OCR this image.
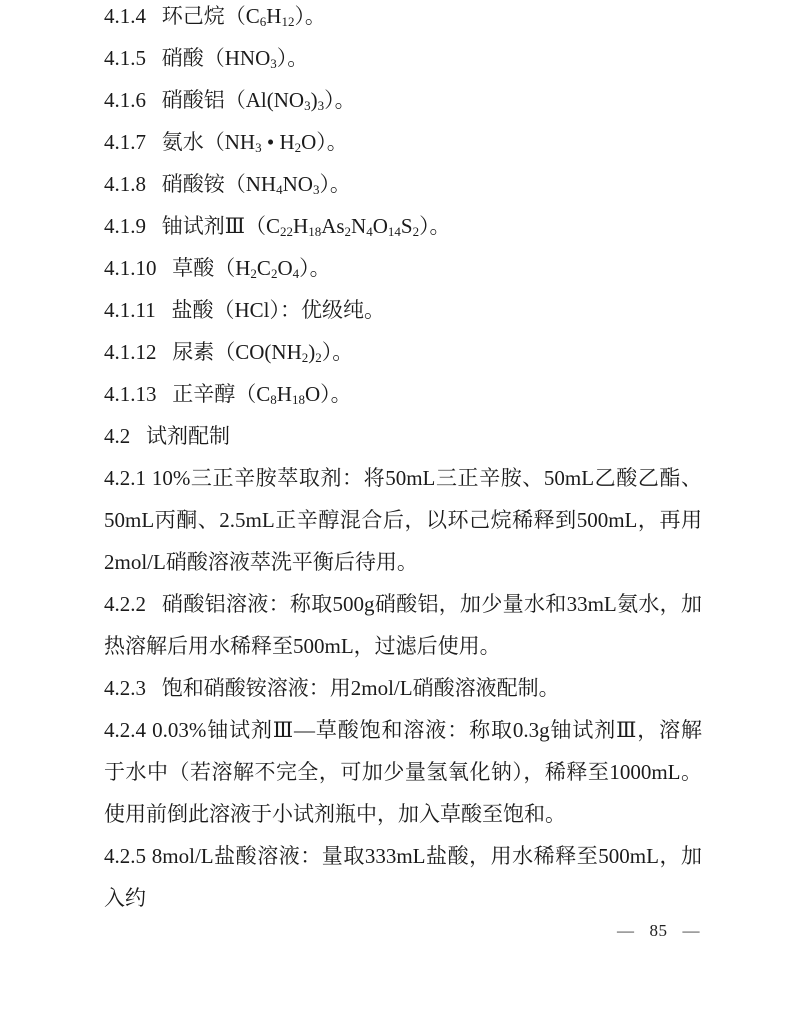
4.1.4  环己烷$(C_6H_{12})$。

4.1.5  硝酸$(HNO_3)$。

4.1.6  硝酸铝$(Al(NO_3)_3)$。

4.1.7  氨水（$NH_3$ • $H_2O$）。

4.1.8  硝酸铵$(NH_4NO_3)$。

4.1.9  铀试剂$Ⅲ(C_{22}H_{18}As_2N_4O_{14}S_2)$。

4.1.10  草酸$(H_2C_2O_4)$。

4.1.11  盐酸（HCl）：优级纯。

4.1.12  尿素$(CO(NH_2)_2)$。

4.1.13  正辛醇$(C_8H_{18}O)$。

4.2  试剂配制

4.2.1 10%三正辛胺萃取剂：将50mL三正辛胺、50mL乙酸乙酯、50mL丙酮、2.5mL正辛醇混合后，以环己烷稀释到500mL，再用2mol/L硝酸溶液萃洗平衡后待用。

4.2.2  硝酸铝溶液：称取500g硝酸铝，加少量水和33mL氨水，加热溶解后用水稀释至500mL，过滤后使用。

4.2.3  饱和硝酸铵溶液：用2mol/L硝酸溶液配制。

4.2.4 0.03%铀试剂Ⅲ—草酸饱和溶液：称取0.3g铀试剂Ⅲ，溶解于水中（若溶解不完全，可加少量氢氧化钠），稀释至1000mL。使用前倒此溶液于小试剂瓶中，加入草酸至饱和。

4.2.5 8mol/L盐酸溶液：量取333mL盐酸，用水稀释至500mL，加入约

— 85 —
